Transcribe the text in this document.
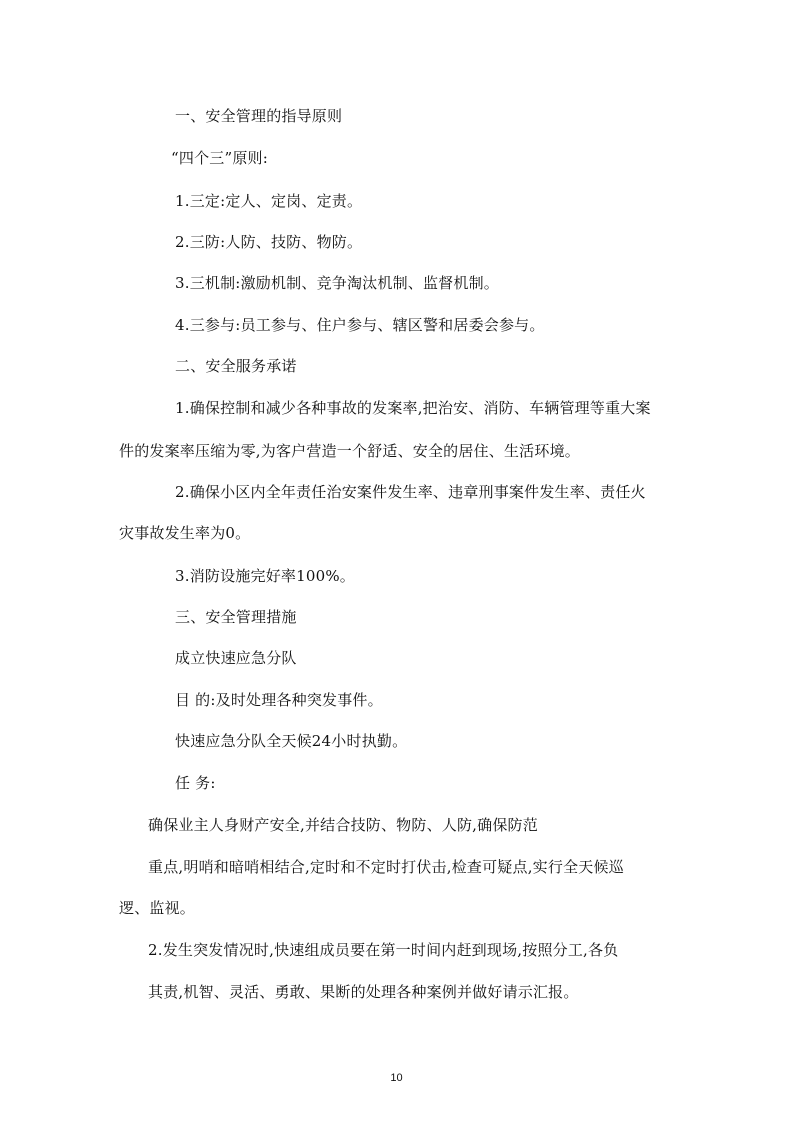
一、安全管理的指导原则
“四个三”原则:
1.三定:定人、定岗、定责。
2.三防:人防、技防、物防。
3.三机制:激励机制、竞争淘汰机制、监督机制。
4.三参与:员工参与、住户参与、辖区警和居委会参与。
二、安全服务承诺
1.确保控制和减少各种事故的发案率,把治安、消防、车辆管理等重大案
件的发案率压缩为零,为客户营造一个舒适、安全的居住、生活环境。
2.确保小区内全年责任治安案件发生率、违章刑事案件发生率、责任火
灾事故发生率为0。
3.消防设施完好率100%。
三、安全管理措施
成立快速应急分队
目 的:及时处理各种突发事件。
快速应急分队全天候24小时执勤。
任 务:
确保业主人身财产安全,并结合技防、物防、人防,确保防范
重点,明哨和暗哨相结合,定时和不定时打伏击,检查可疑点,实行全天候巡
逻、监视。
2.发生突发情况时,快速组成员要在第一时间内赶到现场,按照分工,各负
其责,机智、灵活、勇敢、果断的处理各种案例并做好请示汇报。
10
